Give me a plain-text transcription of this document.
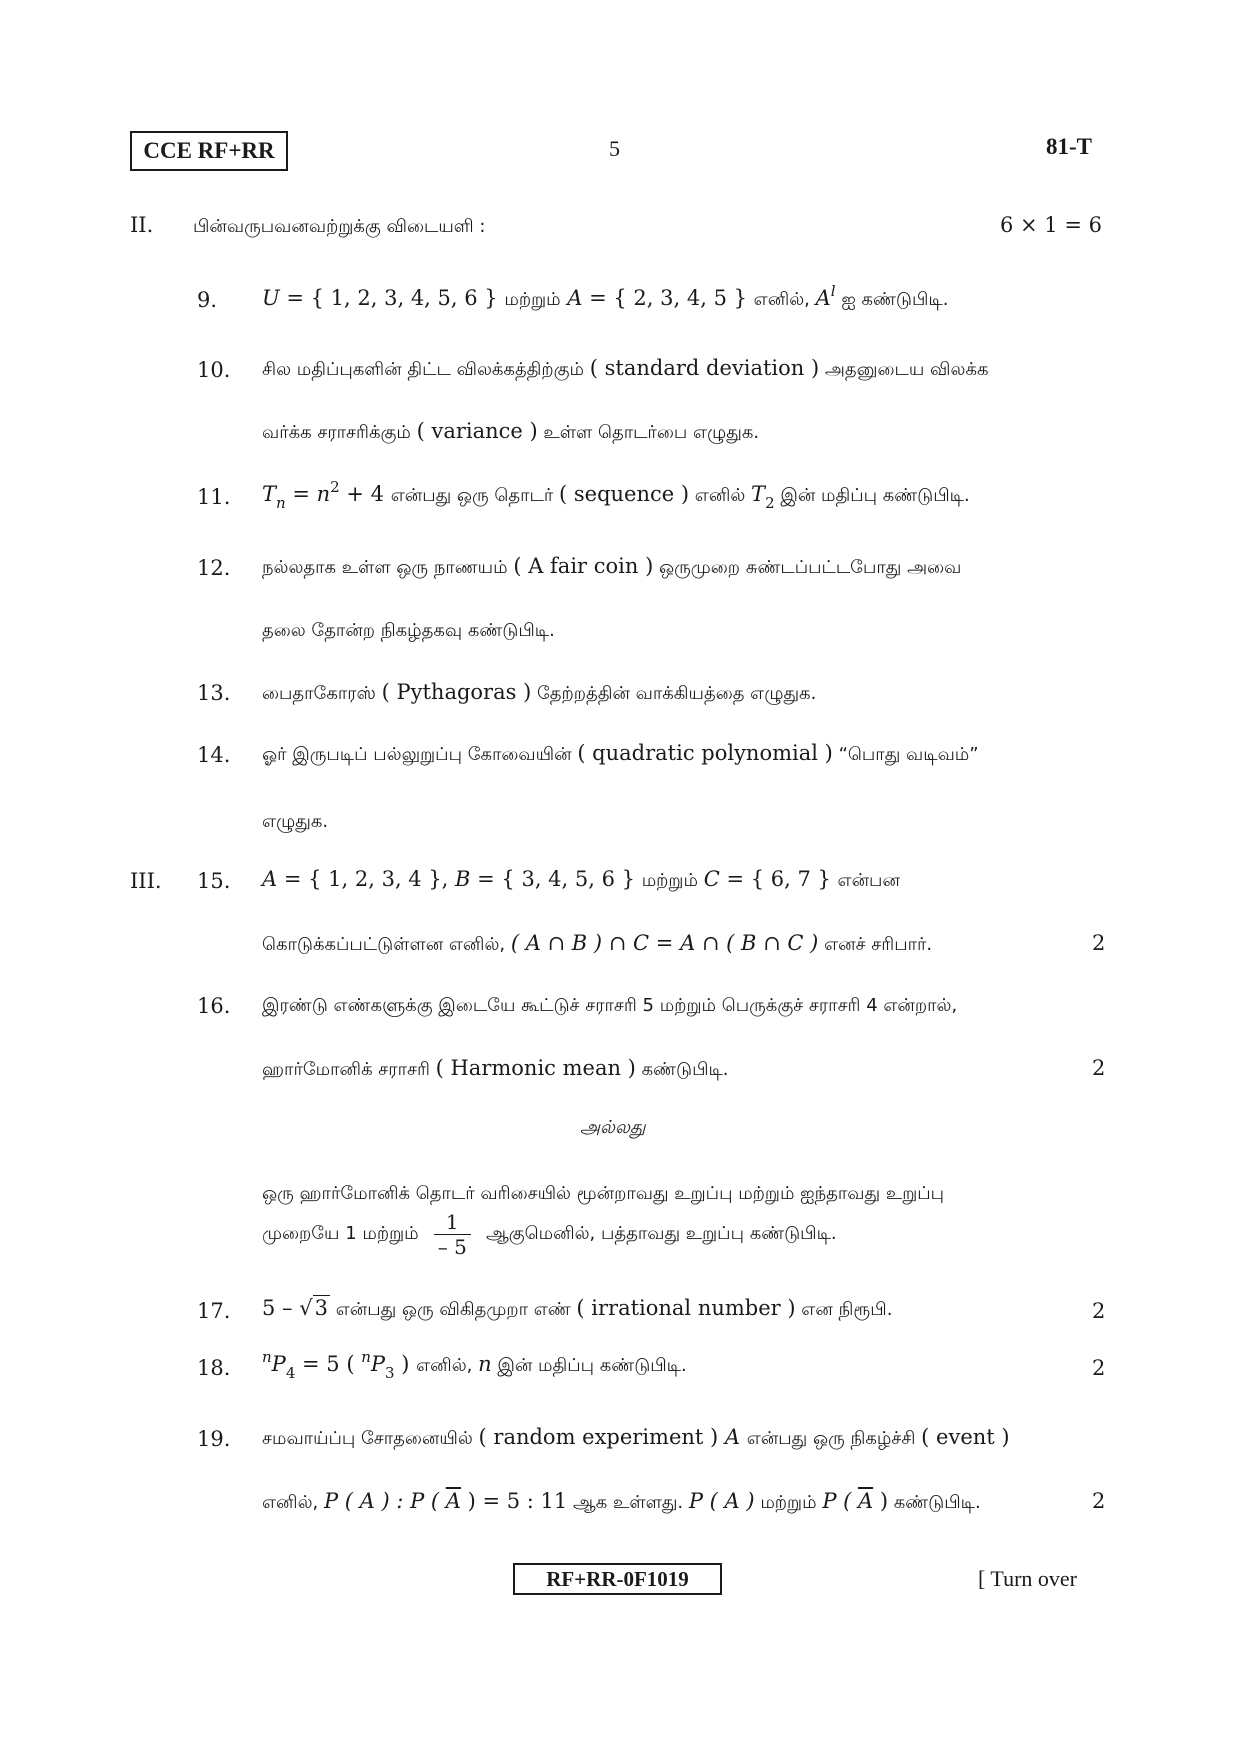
CCE RF+RR	5	81-T
II. பின்வருபவனவற்றுக்கு விடையளி :	6 × 1 = 6
9. U = { 1, 2, 3, 4, 5, 6 } மற்றும் A = { 2, 3, 4, 5 } எனில், $A^l$ ஐ கண்டுபிடி.
10. சில மதிப்புகளின் திட்ட விலக்கத்திற்கும் ( standard deviation ) அதனுடைய விலக்க
வர்க்க சராசரிக்கும் ( variance ) உள்ள தொடர்பை எழுதுக.
11. $T_n = n^2 + 4$ என்பது ஒரு தொடர் ( sequence ) எனில் $T_2$ இன் மதிப்பு கண்டுபிடி.
12. நல்லதாக உள்ள ஒரு நாணயம் ( A fair coin ) ஒருமுறை சுண்டப்பட்டபோது அவை
தலை தோன்ற நிகழ்தகவு கண்டுபிடி.
13. பைதாகோரஸ் ( Pythagoras ) தேற்றத்தின் வாக்கியத்தை எழுதுக.
14. ஓர் இருபடிப் பல்லுறுப்பு கோவையின் ( quadratic polynomial ) “பொது வடிவம்”
எழுதுக.
III. 15. A = { 1, 2, 3, 4 }, B = { 3, 4, 5, 6 } மற்றும் C = { 6, 7 } என்பன
கொடுக்கப்பட்டுள்ளன எனில், ( A ∩ B ) ∩ C = A ∩ ( B ∩ C ) எனச் சரிபார்.	2
16. இரண்டு எண்களுக்கு இடையே கூட்டுச் சராசரி 5 மற்றும் பெருக்குச் சராசரி 4 என்றால்,
ஹார்மோனிக் சராசரி ( Harmonic mean ) கண்டுபிடி.	2
அல்லது
ஒரு ஹார்மோனிக் தொடர் வரிசையில் மூன்றாவது உறுப்பு மற்றும் ஐந்தாவது உறுப்பு
முறையே 1 மற்றும் $\frac{1}{- 5}$ ஆகுமெனில், பத்தாவது உறுப்பு கண்டுபிடி.
17. 5 – √3 என்பது ஒரு விகிதமுறா எண் ( irrational number ) என நிரூபி.	2
18. $^nP_4 = 5$ ( $^nP_3$ ) எனில், n இன் மதிப்பு கண்டுபிடி.	2
19. சமவாய்ப்பு சோதனையில் ( random experiment ) A என்பது ஒரு நிகழ்ச்சி ( event )
எனில், P ( A ) : P ( $\overline{A}$ ) = 5 : 11 ஆக உள்ளது. P ( A ) மற்றும் P ( $\overline{A}$ ) கண்டுபிடி.	2
RF+RR-0F1019	[ Turn over
